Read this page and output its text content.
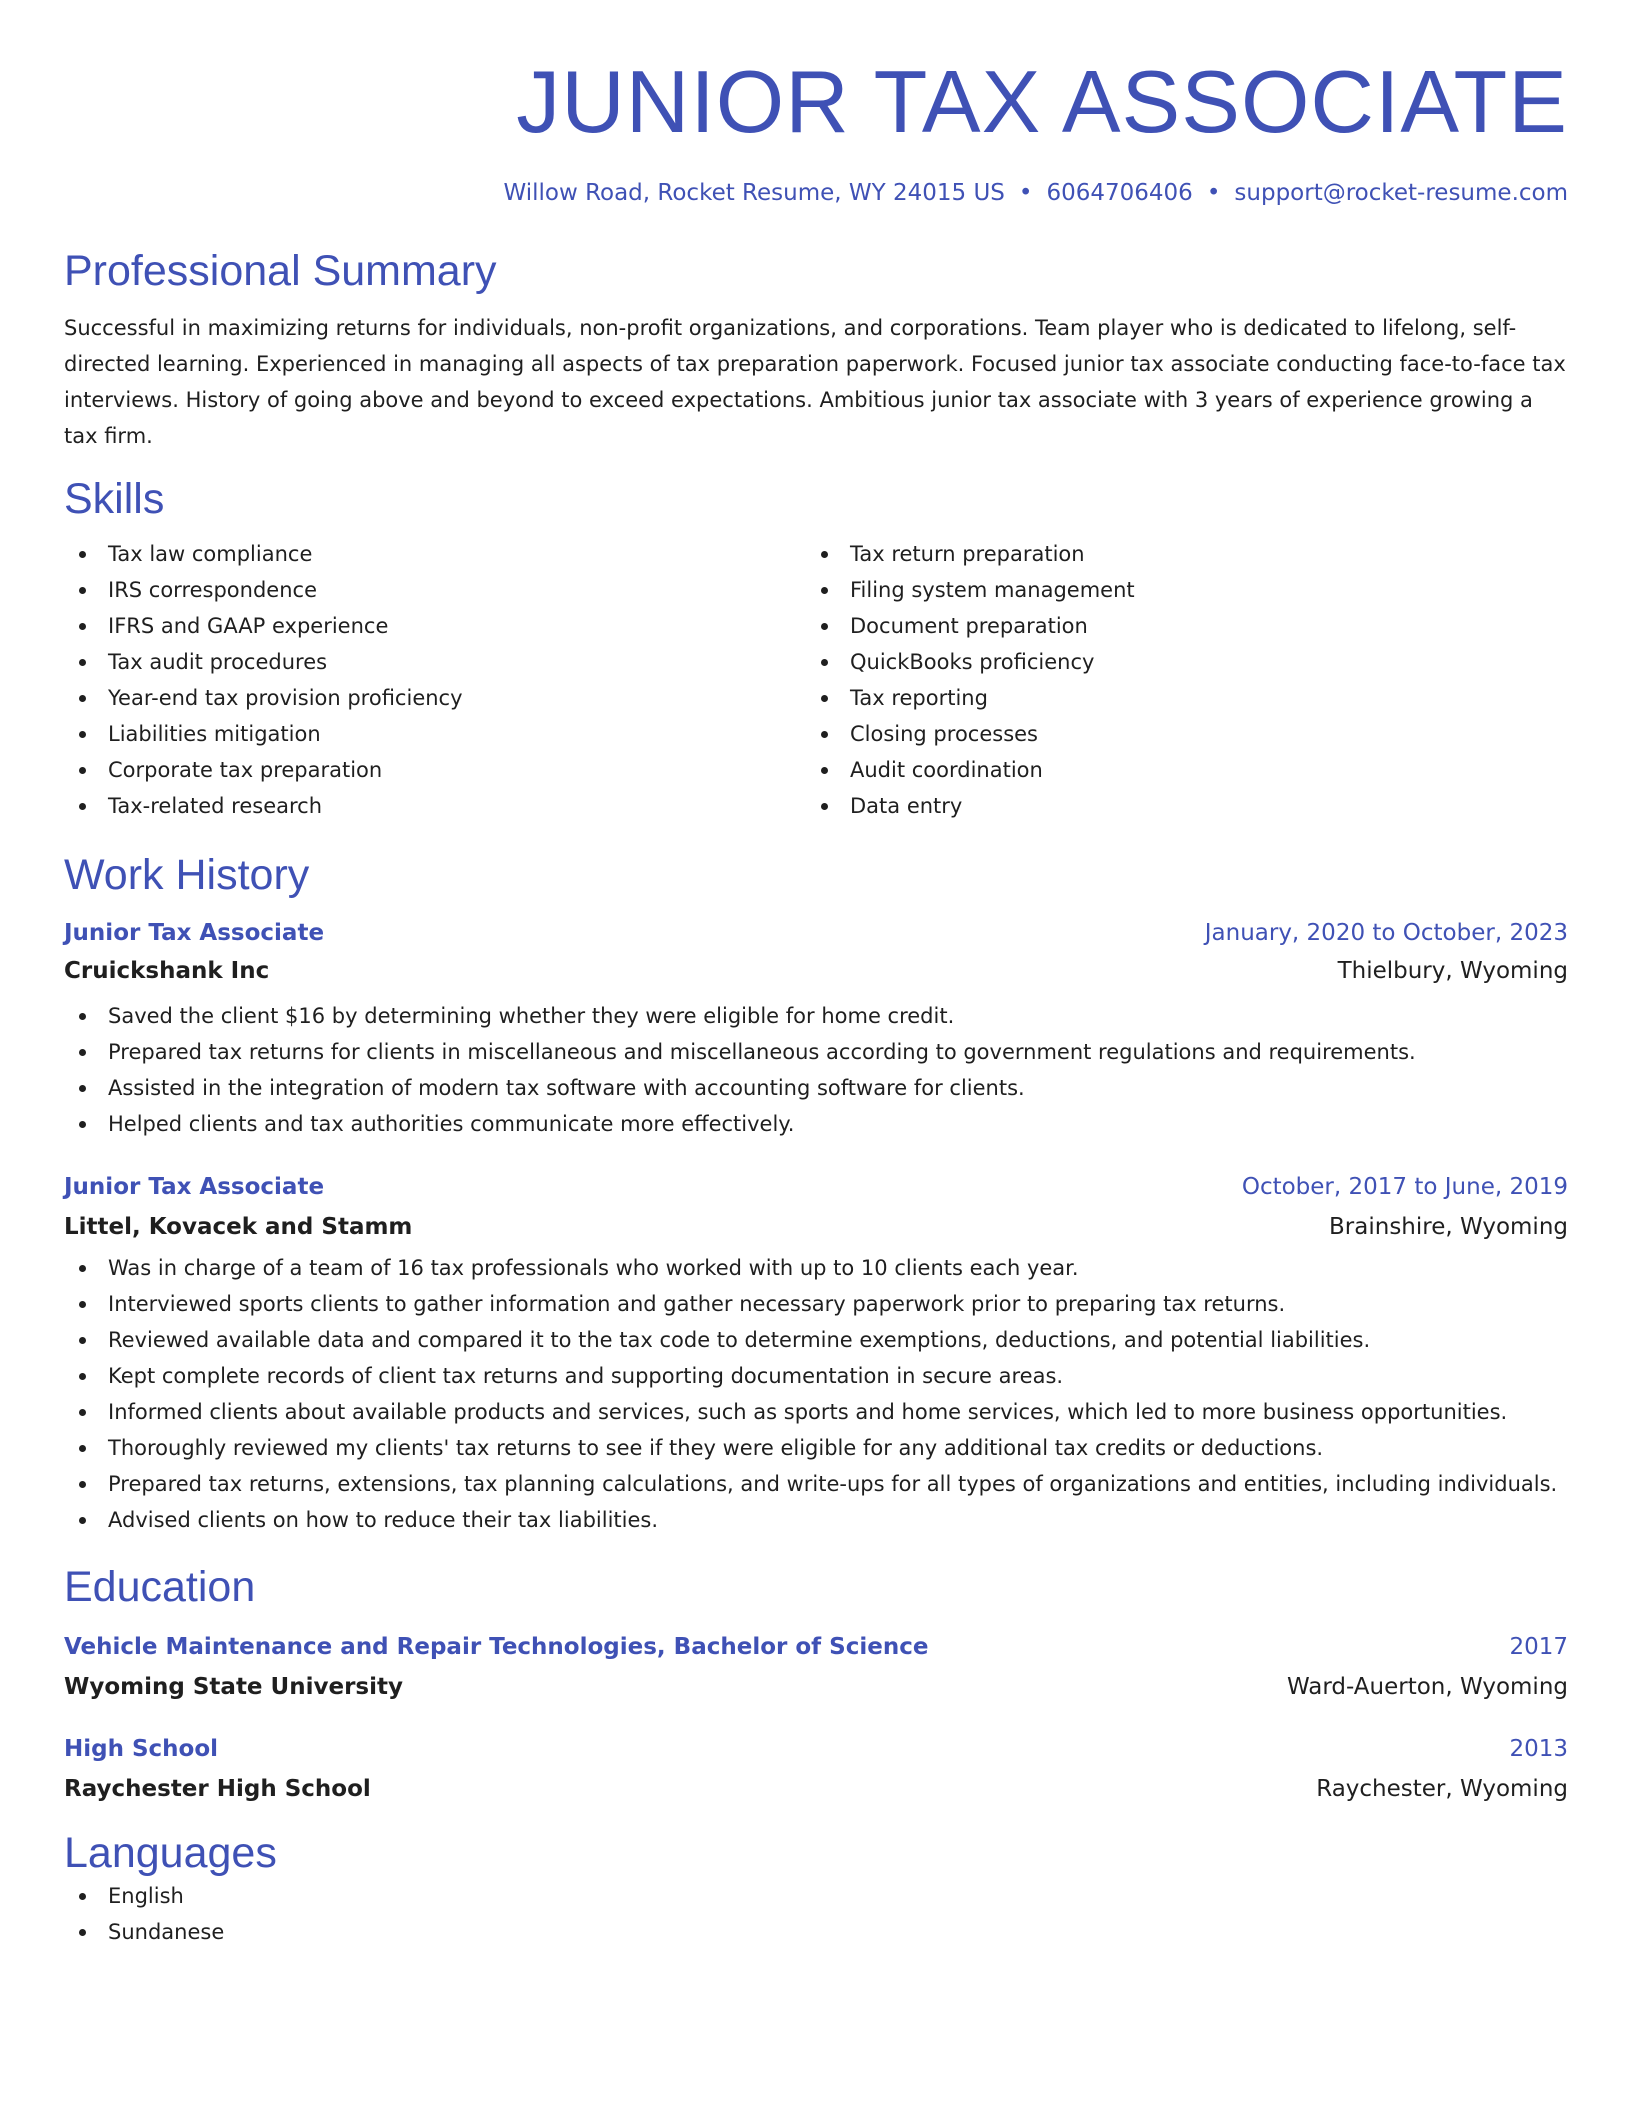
JUNIOR TAX ASSOCIATE
Willow Road, Rocket Resume, WY 24015 US • 6064706406 • support@rocket-resume.com
Professional Summary

Successful in maximizing returns for individuals, non-profit organizations, and corporations. Team player who is dedicated to lifelong, self-directed learning. Experienced in managing all aspects of tax preparation paperwork. Focused junior tax associate conducting face-to-face tax interviews. History of going above and beyond to exceed expectations. Ambitious junior tax associate with 3 years of experience growing a tax firm.

Skills
Tax law compliance
IRS correspondence
IFRS and GAAP experience
Tax audit procedures
Year-end tax provision proficiency
Liabilities mitigation
Corporate tax preparation
Tax-related research
Tax return preparation
Filing system management
Document preparation
QuickBooks proficiency
Tax reporting
Closing processes
Audit coordination
Data entry
Work History
Junior Tax Associate	January, 2020 to October, 2023
Cruickshank Inc	Thielbury, Wyoming
Saved the client $16 by determining whether they were eligible for home credit.
Prepared tax returns for clients in miscellaneous and miscellaneous according to government regulations and requirements.
Assisted in the integration of modern tax software with accounting software for clients.
Helped clients and tax authorities communicate more effectively.
Junior Tax Associate	October, 2017 to June, 2019
Littel, Kovacek and Stamm	Brainshire, Wyoming
Was in charge of a team of 16 tax professionals who worked with up to 10 clients each year.
Interviewed sports clients to gather information and gather necessary paperwork prior to preparing tax returns.
Reviewed available data and compared it to the tax code to determine exemptions, deductions, and potential liabilities.
Kept complete records of client tax returns and supporting documentation in secure areas.
Informed clients about available products and services, such as sports and home services, which led to more business opportunities.
Thoroughly reviewed my clients' tax returns to see if they were eligible for any additional tax credits or deductions.
Prepared tax returns, extensions, tax planning calculations, and write-ups for all types of organizations and entities, including individuals.
Advised clients on how to reduce their tax liabilities.
Education
Vehicle Maintenance and Repair Technologies, Bachelor of Science	2017
Wyoming State University	Ward-Auerton, Wyoming
High School	2013
Raychester High School	Raychester, Wyoming
Languages
English
Sundanese
